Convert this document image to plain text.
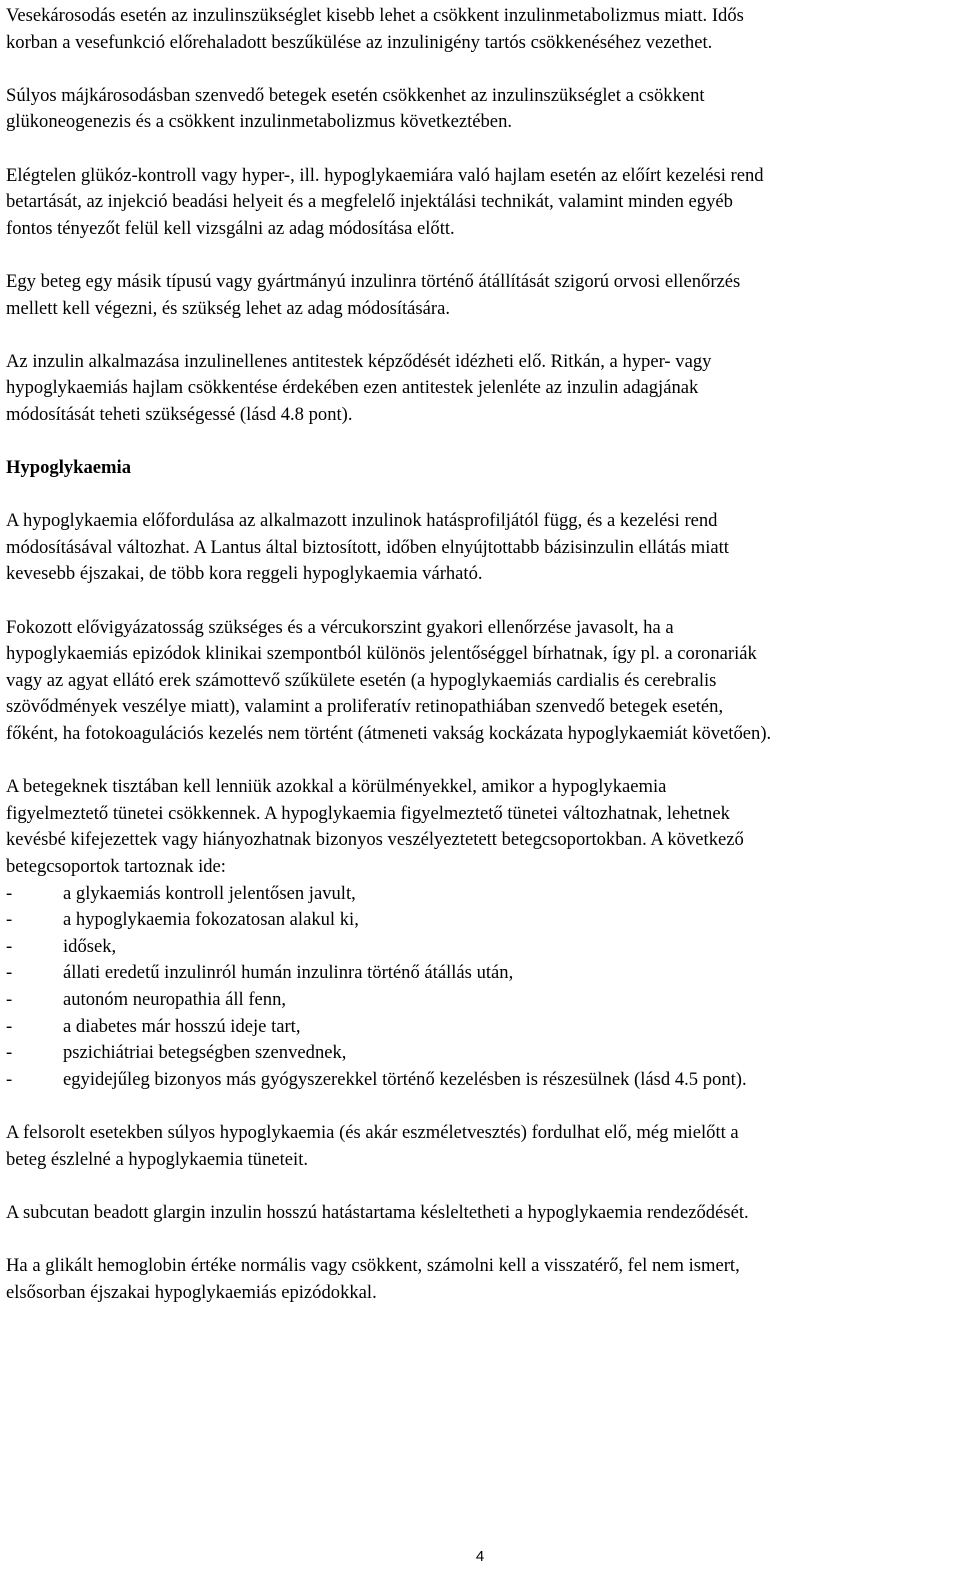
Vesekárosodás esetén az inzulinszükséglet kisebb lehet a csökkent inzulinmetabolizmus miatt. Idős
korban a vesefunkció előrehaladott beszűkülése az inzulinigény tartós csökkenéséhez vezethet.

Súlyos májkárosodásban szenvedő betegek esetén csökkenhet az inzulinszükséglet a csökkent
glükoneogenezis és a csökkent inzulinmetabolizmus következtében.

Elégtelen glükóz-kontroll vagy hyper-, ill. hypoglykaemiára való hajlam esetén az előírt kezelési rend
betartását, az injekció beadási helyeit és a megfelelő injektálási technikát, valamint minden egyéb
fontos tényezőt felül kell vizsgálni az adag módosítása előtt.

Egy beteg egy másik típusú vagy gyártmányú inzulinra történő átállítását szigorú orvosi ellenőrzés
mellett kell végezni, és szükség lehet az adag módosítására.

Az inzulin alkalmazása inzulinellenes antitestek képződését idézheti elő. Ritkán, a hyper- vagy
hypoglykaemiás hajlam csökkentése érdekében ezen antitestek jelenléte az inzulin adagjának
módosítását teheti szükségessé (lásd 4.8 pont).

Hypoglykaemia

A hypoglykaemia előfordulása az alkalmazott inzulinok hatásprofiljától függ, és a kezelési rend
módosításával változhat. A Lantus által biztosított, időben elnyújtottabb bázisinzulin ellátás miatt
kevesebb éjszakai, de több kora reggeli hypoglykaemia várható.

Fokozott elővigyázatosság szükséges és a vércukorszint gyakori ellenőrzése javasolt, ha a
hypoglykaemiás epizódok klinikai szempontból különös jelentőséggel bírhatnak, így pl. a coronariák
vagy az agyat ellátó erek számottevő szűkülete esetén (a hypoglykaemiás cardialis és cerebralis
szövődmények veszélye miatt), valamint a proliferatív retinopathiában szenvedő betegek esetén,
főként, ha fotokoagulációs kezelés nem történt (átmeneti vakság kockázata hypoglykaemiát követően).

A betegeknek tisztában kell lenniük azokkal a körülményekkel, amikor a hypoglykaemia
figyelmeztető tünetei csökkennek. A hypoglykaemia figyelmeztető tünetei változhatnak, lehetnek
kevésbé kifejezettek vagy hiányozhatnak bizonyos veszélyeztetett betegcsoportokban. A következő
betegcsoportok tartoznak ide:
-	a glykaemiás kontroll jelentősen javult,
-	a hypoglykaemia fokozatosan alakul ki,
-	idősek,
-	állati eredetű inzulinról humán inzulinra történő átállás után,
-	autonóm neuropathia áll fenn,
-	a diabetes már hosszú ideje tart,
-	pszichiátriai betegségben szenvednek,
-	egyidejűleg bizonyos más gyógyszerekkel történő kezelésben is részesülnek (lásd 4.5 pont).

A felsorolt esetekben súlyos hypoglykaemia (és akár eszméletvesztés) fordulhat elő, még mielőtt a
beteg észlelné a hypoglykaemia tüneteit.

A subcutan beadott glargin inzulin hosszú hatástartama késleltetheti a hypoglykaemia rendeződését.

Ha a glikált hemoglobin értéke normális vagy csökkent, számolni kell a visszatérő, fel nem ismert,
elsősorban éjszakai hypoglykaemiás epizódokkal.

4
